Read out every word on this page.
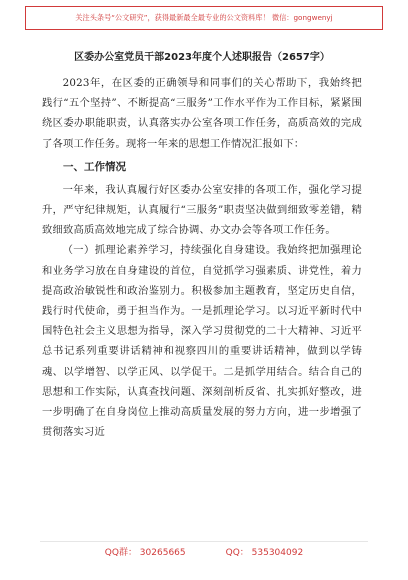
关注头条号“公文研究”，获得最新最全最专业的公文资料库！ 微信：gongwenyj
区委办公室党员干部2023年度个人述职报告（2657字）

2023年，在区委的正确领导和同事们的关心帮助下，我始终把践行“五个坚持”、不断提高“三服务”工作水平作为工作目标，紧紧围绕区委办职能职责，认真落实办公室各项工作任务，高质高效的完成了各项工作任务。现将一年来的思想工作情况汇报如下：

一、工作情况

一年来，我认真履行好区委办公室安排的各项工作，强化学习提升，严守纪律规矩，认真履行“三服务”职责坚决做到细致零差错，精致细致高质高效地完成了综合协调、办文办会等各项工作任务。

（一）抓理论素养学习，持续强化自身建设。我始终把加强理论和业务学习放在自身建设的首位，自觉抓学习强素质、讲党性，着力提高政治敏锐性和政治鉴别力。积极参加主题教育，坚定历史自信，践行时代使命，勇于担当作为。一是抓理论学习。以习近平新时代中国特色社会主义思想为指导，深入学习贯彻党的二十大精神、习近平总书记系列重要讲话精神和视察四川的重要讲话精神，做到以学铸魂、以学增智、以学正风、以学促干。二是抓学用结合。结合自己的思想和工作实际，认真查找问题、深刻剖析反省、扎实抓好整改，进一步明确了在自身岗位上推动高质量发展的努力方向，进一步增强了贯彻落实习近

QQ群： 30265665	QQ： 535304092
